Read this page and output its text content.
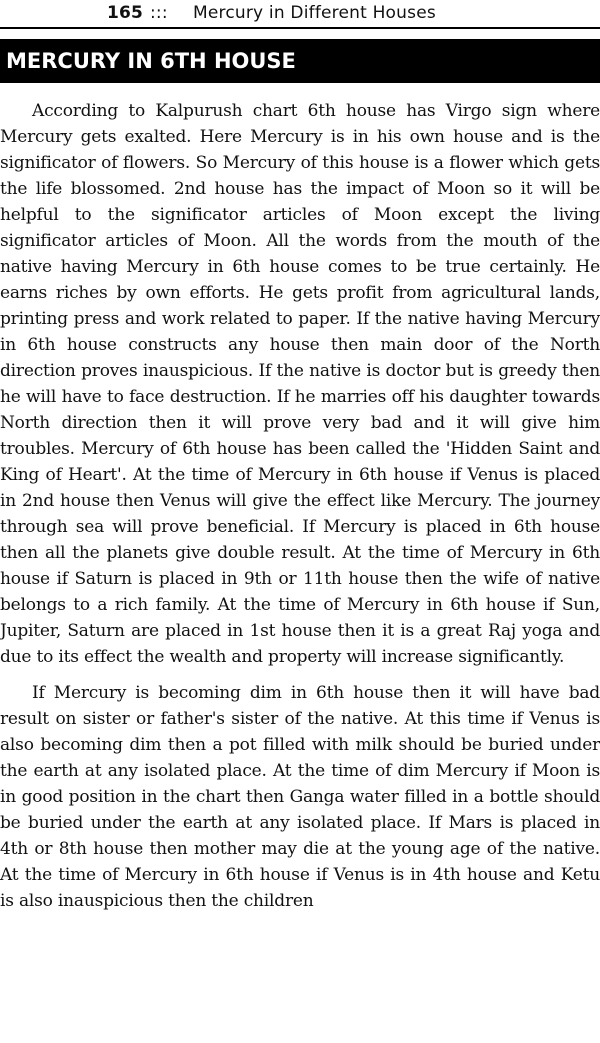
165 ::: Mercury in Different Houses
MERCURY IN 6TH HOUSE

According to Kalpurush chart 6th house has Virgo sign where Mercury gets exalted. Here Mercury is in his own house and is the significator of flowers. So Mercury of this house is a flower which gets the life blossomed. 2nd house has the impact of Moon so it will be helpful to the significator articles of Moon except the living significator articles of Moon. All the words from the mouth of the native having Mercury in 6th house comes to be true certainly. He earns riches by own efforts. He gets profit from agricultural lands, printing press and work related to paper. If the native having Mercury in 6th house constructs any house then main door of the North direction proves inauspicious. If the native is doctor but is greedy then he will have to face destruction. If he marries off his daughter towards North direction then it will prove very bad and it will give him troubles. Mercury of 6th house has been called the 'Hidden Saint and King of Heart'. At the time of Mercury in 6th house if Venus is placed in 2nd house then Venus will give the effect like Mercury. The journey through sea will prove beneficial. If Mercury is placed in 6th house then all the planets give double result. At the time of Mercury in 6th house if Saturn is placed in 9th or 11th house then the wife of native belongs to a rich family. At the time of Mercury in 6th house if Sun, Jupiter, Saturn are placed in 1st house then it is a great Raj yoga and due to its effect the wealth and property will increase significantly.

If Mercury is becoming dim in 6th house then it will have bad result on sister or father's sister of the native. At this time if Venus is also becoming dim then a pot filled with milk should be buried under the earth at any isolated place. At the time of dim Mercury if Moon is in good position in the chart then Ganga water filled in a bottle should be buried under the earth at any isolated place. If Mars is placed in 4th or 8th house then mother may die at the young age of the native. At the time of Mercury in 6th house if Venus is in 4th house and Ketu is also inauspicious then the children
